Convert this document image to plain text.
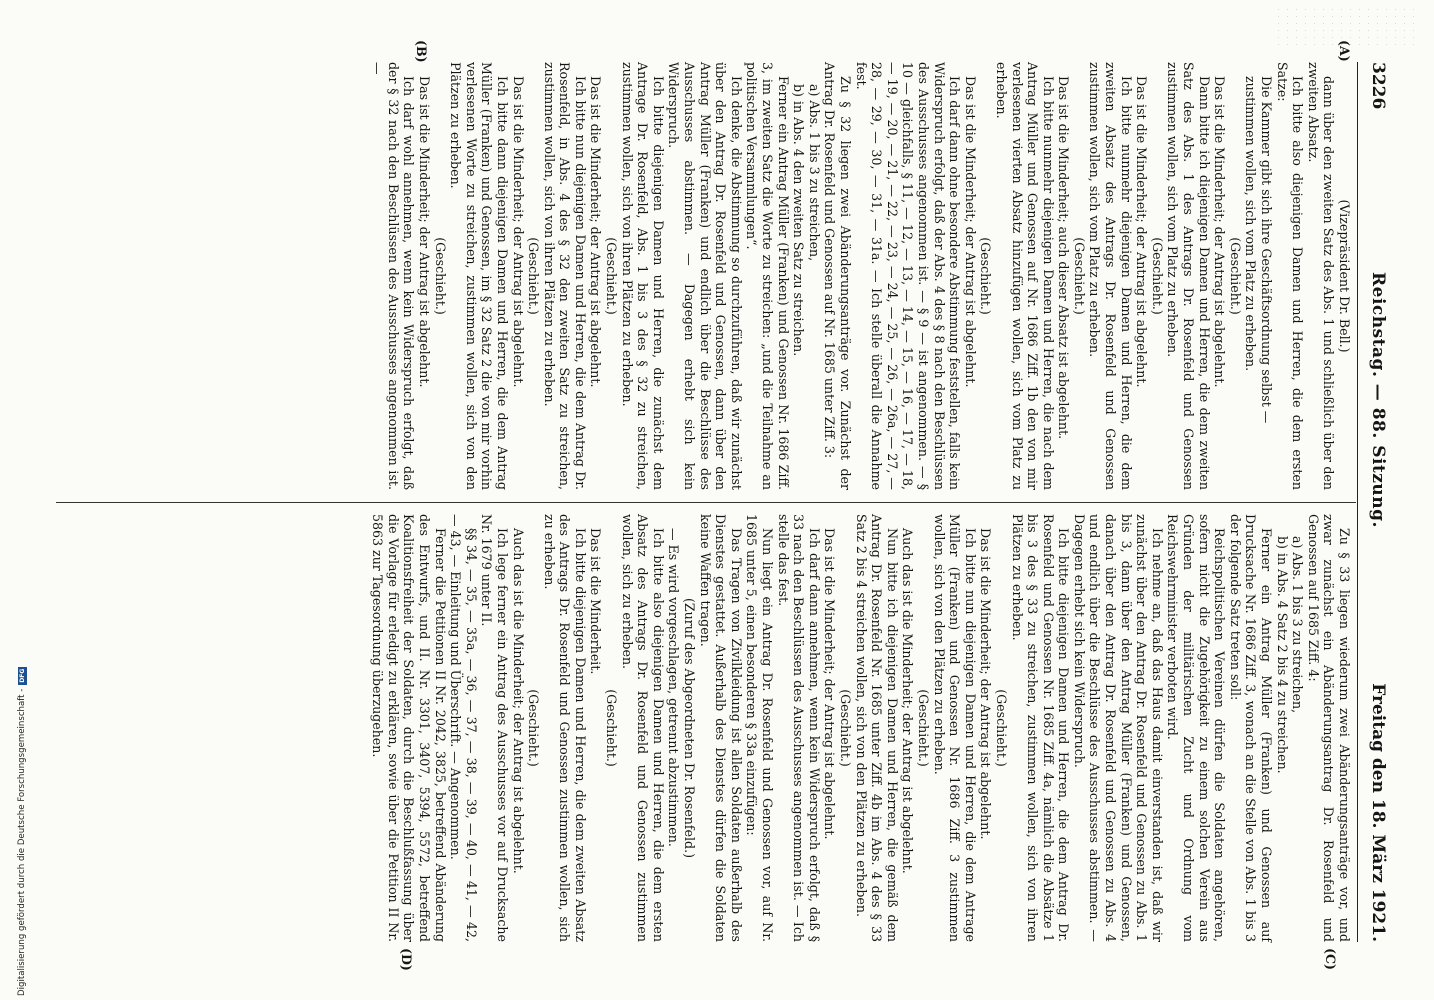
3226
Reichstag. — 88. Sitzung.
Freitag den 18. März 1921.
(A)
(B)
(C)
(D)

(Vizepräsident Dr. Bell.)

dann über den zweiten Satz des Abs. 1 und schließlich über den zweiten Absatz.

Ich bitte also diejenigen Damen und Herren, die dem ersten Satze:

Die Kammer gibt sich ihre Geschäftsordnung selbst —

zustimmen wollen, sich vom Platz zu erheben.

(Geschieht.)

Das ist die Minderheit; der Antrag ist abgelehnt.

Dann bitte ich diejenigen Damen und Herren, die dem zweiten Satz des Abs. 1 des Antrags Dr. Rosenfeld und Genossen zustimmen wollen, sich vom Platz zu erheben.

(Geschieht.)

Das ist die Minderheit; der Antrag ist abgelehnt.

Ich bitte nunmehr diejenigen Damen und Herren, die dem zweiten Absatz des Antrags Dr. Rosenfeld und Genossen zustimmen wollen, sich vom Platz zu erheben.

(Geschieht.)

Das ist die Minderheit; auch dieser Absatz ist abgelehnt.

Ich bitte nunmehr diejenigen Damen und Herren, die nach dem Antrag Müller und Genossen auf Nr. 1686 Ziff. 1b den von mir verlesenen vierten Absatz hinzufügen wollen, sich vom Platz zu erheben.

(Geschieht.)

Das ist die Minderheit; der Antrag ist abgelehnt.

Ich darf dann ohne besondere Abstimmung feststellen, falls kein Widerspruch erfolgt, daß der Abs. 4 des § 8 nach den Beschlüssen des Ausschusses angenommen ist. — § 9 — ist angenommen. — § 10 — gleichfalls, § 11, — 12, — 13, — 14, — 15, — 16, — 17, — 18, — 19, — 20, — 21, — 22, — 23, — 24, — 25, — 26, — 26a, — 27, — 28, — 29, — 30, — 31, — 31a. — Ich stelle überall die Annahme fest.

Zu § 32 liegen zwei Abänderungsanträge vor. Zunächst der Antrag Dr. Rosenfeld und Genossen auf Nr. 1685 unter Ziff. 3:

a) Abs. 1 bis 3 zu streichen,

b) in Abs. 4 den zweiten Satz zu streichen.

Ferner ein Antrag Müller (Franken) und Genossen Nr. 1686 Ziff. 3, im zweiten Satz die Worte zu streichen: „und die Teilnahme an politischen Versammlungen“.

Ich denke, die Abstimmung so durchzuführen, daß wir zunächst über den Antrag Dr. Rosenfeld und Genossen, dann über den Antrag Müller (Franken) und endlich über die Beschlüsse des Ausschusses abstimmen. — Dagegen erhebt sich kein Widerspruch.

Ich bitte diejenigen Damen und Herren, die zunächst dem Antrage Dr. Rosenfeld, Abs. 1 bis 3 des § 32 zu streichen, zustimmen wollen, sich von ihren Plätzen zu erheben.

(Geschieht.)

Das ist die Minderheit; der Antrag ist abgelehnt.

Ich bitte nun diejenigen Damen und Herren, die dem Antrag Dr. Rosenfeld, in Abs. 4 des § 32 den zweiten Satz zu streichen, zustimmen wollen, sich von ihren Plätzen zu erheben.

(Geschieht.)

Das ist die Minderheit; der Antrag ist abgelehnt.

Ich bitte dann diejenigen Damen und Herren, die dem Antrag Müller (Franken) und Genossen, im § 32 Satz 2 die von mir vorhin verlesenen Worte zu streichen, zustimmen wollen, sich von den Plätzen zu erheben.

(Geschieht.)

Das ist die Minderheit; der Antrag ist abgelehnt.

Ich darf wohl annehmen, wenn kein Widerspruch erfolgt, daß der § 32 nach den Beschlüssen des Ausschusses angenommen ist. —

Zu § 33 liegen wiederum zwei Abänderungsanträge vor, und zwar zunächst ein Abänderungsantrag Dr. Rosenfeld und Genossen auf 1685 Ziff. 4:

a) Abs. 1 bis 3 zu streichen,

b) in Abs. 4 Satz 2 bis 4 zu streichen.

Ferner ein Antrag Müller (Franken) und Genossen auf Drucksache Nr. 1686 Ziff. 3, wonach an die Stelle von Abs. 1 bis 3 der folgende Satz treten soll:

Reichspolitischen Vereinen dürfen die Soldaten angehören, sofern nicht die Zugehörigkeit zu einem solchen Verein aus Gründen der militärischen Zucht und Ordnung vom Reichswehrminister verboten wird.

Ich nehme an, daß das Haus damit einverstanden ist, daß wir zunächst über den Antrag Dr. Rosenfeld und Genossen zu Abs. 1 bis 3, dann über den Antrag Müller (Franken) und Genossen, danach über den Antrag Dr. Rosenfeld und Genossen zu Abs. 4 und endlich über die Beschlüsse des Ausschusses abstimmen. — Dagegen erhebt sich kein Widerspruch.

Ich bitte diejenigen Damen und Herren, die dem Antrag Dr. Rosenfeld und Genossen Nr. 1685 Ziff. 4a, nämlich die Absätze 1 bis 3 des § 33 zu streichen, zustimmen wollen, sich von ihren Plätzen zu erheben.

(Geschieht.)

Das ist die Minderheit; der Antrag ist abgelehnt.

Ich bitte nun diejenigen Damen und Herren, die dem Antrage Müller (Franken) und Genossen Nr. 1686 Ziff. 3 zustimmen wollen, sich von den Plätzen zu erheben.

(Geschieht.)

Auch das ist die Minderheit; der Antrag ist abgelehnt.

Nun bitte ich diejenigen Damen und Herren, die gemäß dem Antrag Dr. Rosenfeld Nr. 1685 unter Ziff. 4b im Abs. 4 des § 33 Satz 2 bis 4 streichen wollen, sich von den Plätzen zu erheben.

(Geschieht.)

Das ist die Minderheit; der Antrag ist abgelehnt.

Ich darf dann annehmen, wenn kein Widerspruch erfolgt, daß § 33 nach den Beschlüssen des Ausschusses angenommen ist. — Ich stelle das fest.

Nun liegt ein Antrag Dr. Rosenfeld und Genossen vor, auf Nr. 1685 unter 5, einen besonderen § 33a einzufügen:

Das Tragen von Zivilkleidung ist allen Soldaten außerhalb des Dienstes gestattet. Außerhalb des Dienstes dürfen die Soldaten keine Waffen tragen.

(Zuruf des Abgeordneten Dr. Rosenfeld.)

— Es wird vorgeschlagen, getrennt abzustimmen.

Ich bitte also diejenigen Damen und Herren, die dem ersten Absatz des Antrags Dr. Rosenfeld und Genossen zustimmen wollen, sich zu erheben.

(Geschieht.)

Das ist die Minderheit.

Ich bitte diejenigen Damen und Herren, die dem zweiten Absatz des Antrags Dr. Rosenfeld und Genossen zustimmen wollen, sich zu erheben.

(Geschieht.)

Auch das ist die Minderheit; der Antrag ist abgelehnt.

Ich lege ferner ein Antrag des Ausschusses vor auf Drucksache Nr. 1679 unter II.

§§ 34, — 35, — 35a, — 36, — 37, — 38, — 39, — 40, — 41, — 42, — 43, — Einleitung und Überschrift. — Angenommen.

Ferner die Petitionen II Nr. 2042, 3825, betreffend Abänderung des Entwurfs, und II. Nr. 3301, 3407, 5394, 5572, betreffend Koalitionsfreiheit der Soldaten, durch die Beschlußfassung über die Vorlage für erledigt zu erklären, sowie über die Petition II Nr. 5863 zur Tagesordnung überzugehen.

Digitalisierung gefördert durch die Deutsche Forschungsgemeinschaft -
DFG
